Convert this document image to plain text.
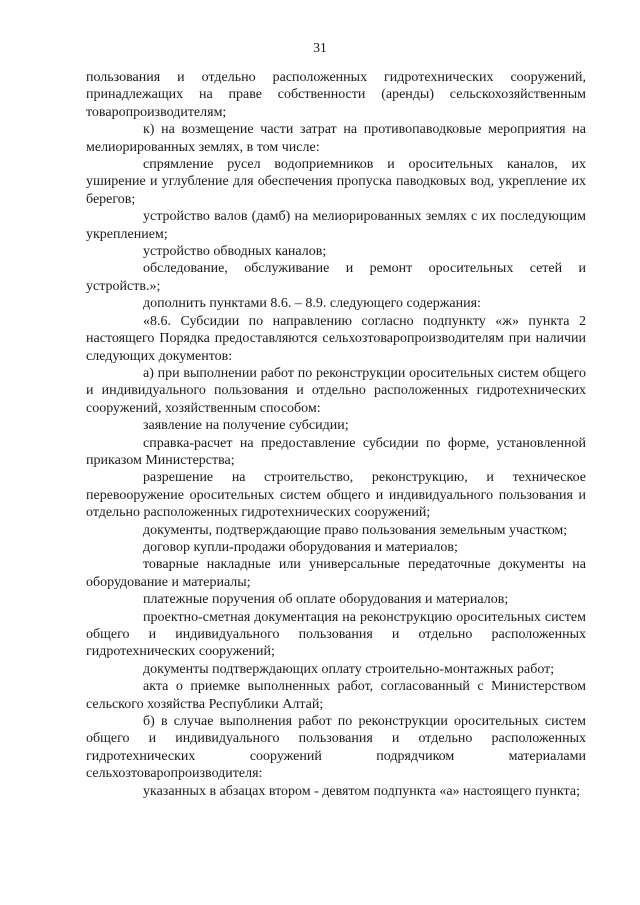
31

пользования и отдельно расположенных гидротехнических сооружений, принадлежащих на праве собственности (аренды) сельскохозяйственным товаропроизводителям;

к) на возмещение части затрат на противопаводковые мероприятия на мелиорированных землях, в том числе:

спрямление русел водоприемников и оросительных каналов, их уширение и углубление для обеспечения пропуска паводковых вод, укрепление их берегов;

устройство валов (дамб) на мелиорированных землях с их последующим укреплением;

устройство обводных каналов;

обследование, обслуживание и ремонт оросительных сетей и устройств.»;

дополнить пунктами 8.6. – 8.9. следующего содержания:

«8.6. Субсидии по направлению согласно подпункту «ж» пункта 2 настоящего Порядка предоставляются сельхозтоваропроизводителям при наличии следующих документов:

а) при выполнении работ по реконструкции оросительных систем общего и индивидуального пользования и отдельно расположенных гидротехнических сооружений, хозяйственным способом:

заявление на получение субсидии;

справка-расчет на предоставление субсидии по форме, установленной приказом Министерства;

разрешение на строительство, реконструкцию, и техническое перевооружение оросительных систем общего и индивидуального пользования и отдельно расположенных гидротехнических сооружений;

документы, подтверждающие право пользования земельным участком;

договор купли-продажи оборудования и материалов;

товарные накладные или универсальные передаточные документы на оборудование и материалы;

платежные поручения об оплате оборудования и материалов;

проектно-сметная документация на реконструкцию оросительных систем общего и индивидуального пользования и отдельно расположенных гидротехнических сооружений;

документы подтверждающих оплату строительно-монтажных работ;

акта о приемке выполненных работ, согласованный с Министерством сельского хозяйства Республики Алтай;

б) в случае выполнения работ по реконструкции оросительных систем общего и индивидуального пользования и отдельно расположенных гидротехнических сооружений подрядчиком материалами сельхозтоваропроизводителя:

указанных в абзацах втором - девятом подпункта «а» настоящего пункта;
